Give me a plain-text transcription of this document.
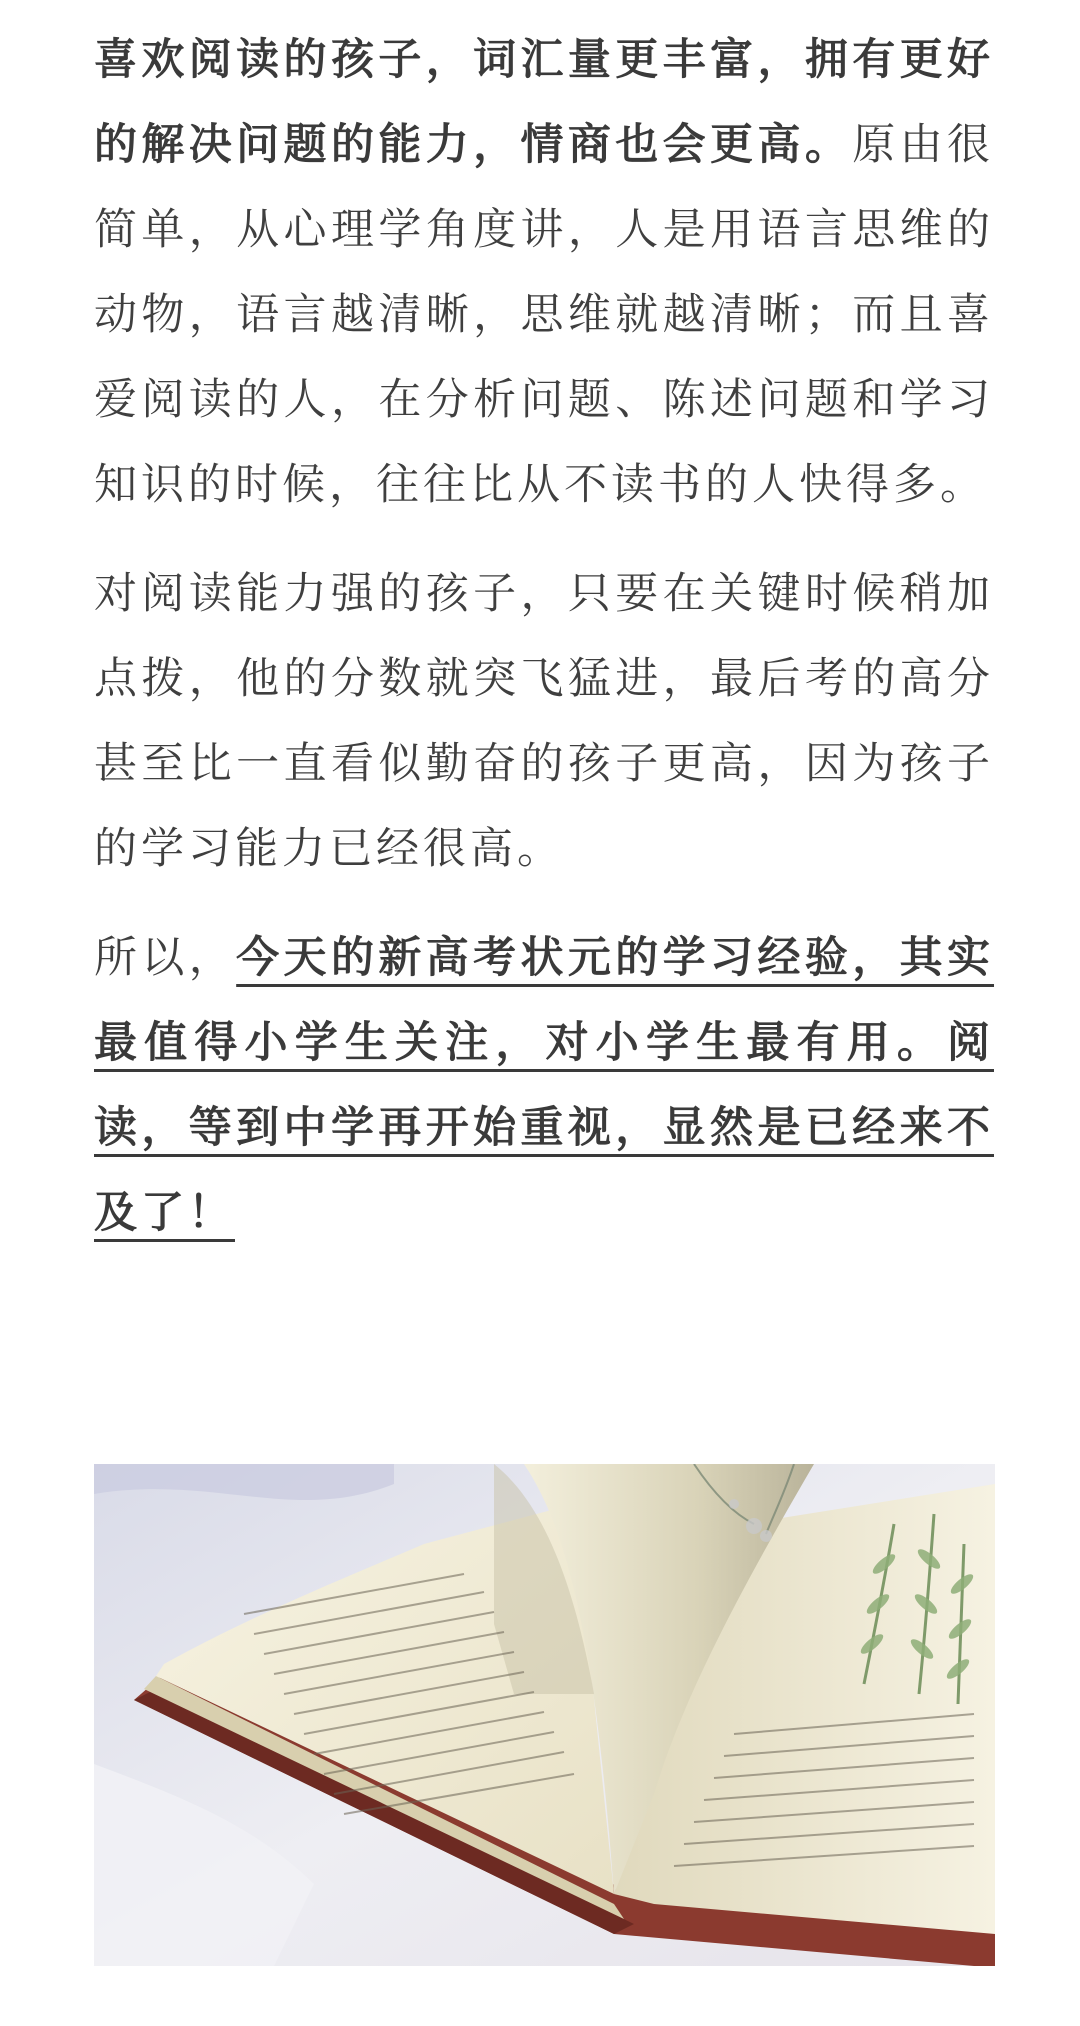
喜欢阅读的孩子，词汇量更丰富，拥有更好的解决问题的能力，情商也会更高。原由很简单，从心理学角度讲，人是用语言思维的动物，语言越清晰，思维就越清晰；而且喜爱阅读的人，在分析问题、陈述问题和学习知识的时候，往往比从不读书的人快得多。

对阅读能力强的孩子，只要在关键时候稍加点拨，他的分数就突飞猛进，最后考的高分甚至比一直看似勤奋的孩子更高，因为孩子的学习能力已经很高。

所以，今天的新高考状元的学习经验，其实最值得小学生关注，对小学生最有用。阅读，等到中学再开始重视，显然是已经来不及了！
